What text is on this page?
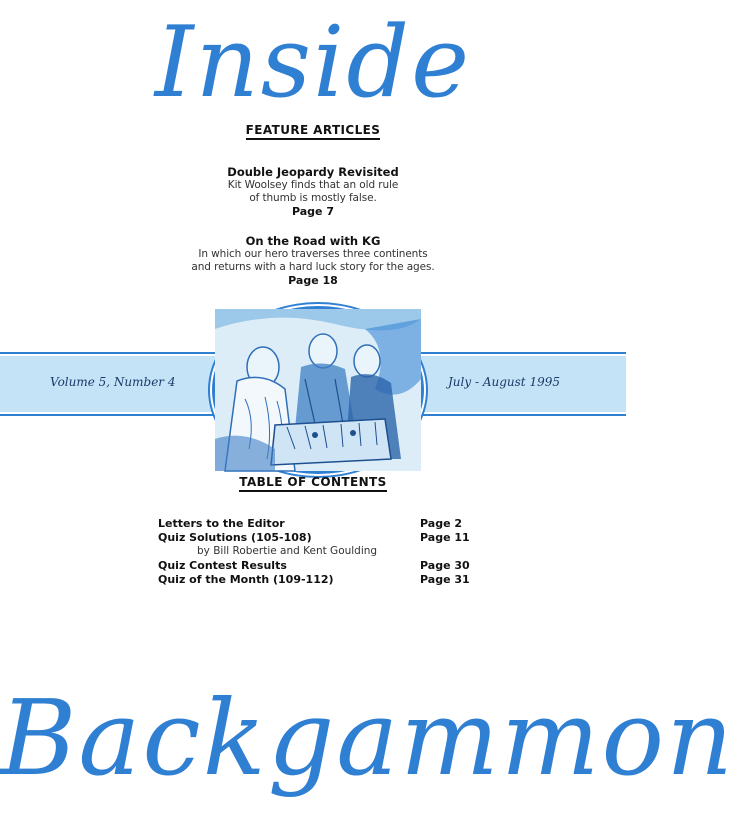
Inside
FEATURE ARTICLES
Double Jeopardy Revisited
Kit Woolsey finds that an old rule
of thumb is mostly false.
Page 7
On the Road with KG
In which our hero traverses three continents
and returns with a hard luck story for the ages.
Page 18
Volume 5, Number 4	July - August 1995
TABLE OF CONTENTS
Letters to the Editor	Page 2
Quiz Solutions (105-108)	Page 11
by Bill Robertie and Kent Goulding
Quiz Contest Results	Page 30
Quiz of the Month (109-112)	Page 31
Backgammon
